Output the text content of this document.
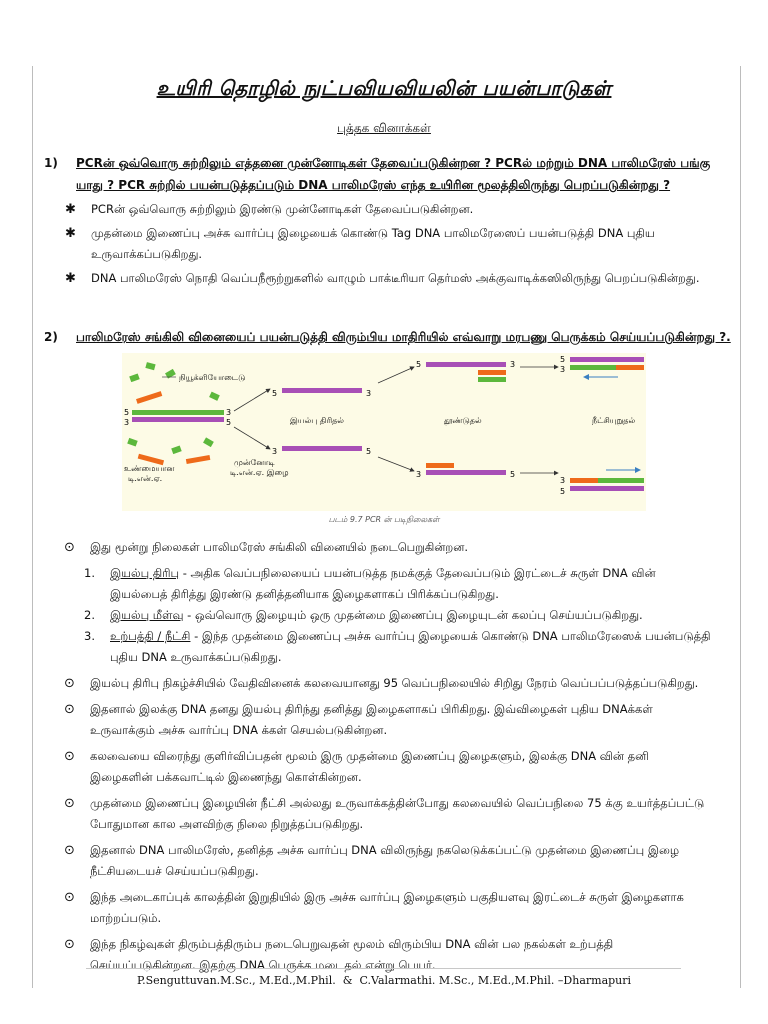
உயிரி தொழில் நுட்பவியவியலின் பயன்பாடுகள்
புத்தக வினாக்கள்
1)	PCRன் ஒவ்வொரு சுற்றிலும் எத்தனை முன்னோடிகள் தேவைப்படுகின்றன ? PCRல் மற்றும் DNA பாலிமரேஸ் பங்கு யாது ? PCR சுற்றில் பயன்படுத்தப்படும் DNA பாலிமரேஸ் எந்த உயிரின மூலத்திலிருந்து பெறப்படுகின்றது ?
✱ PCRன் ஒவ்வொரு சுற்றிலும் இரண்டு முன்னோடிகள் தேவைப்படுகின்றன.
✱ முதன்மை இணைப்பு அச்சு வார்ப்பு இழையைக் கொண்டு Tag DNA பாலிமரேஸைப் பயன்படுத்தி DNA புதிய உருவாக்கப்படுகிறது.
✱ DNA பாலிமரேஸ் நொதி வெப்பநீரூற்றுகளில் வாழும் பாக்டீரியா தெர்மஸ் அக்குவாடிக்கஸிலிருந்து பெறப்படுகின்றது.
2)	பாலிமரேஸ் சங்கிலி வினையைப் பயன்படுத்தி விரும்பிய மாதிரியில் எவ்வாறு மரபணு பெருக்கம் செய்யப்படுகின்றது ?.
நியூக்ளியோடைடு
5
3
3
5
உண்மையான
டி.என்.ஏ.
முன்னோடி
டி.என்.ஏ. இழை
5	3
இயல்பு திரிதல்
3	5
5	3
தூண்டுதல்
3	5
5
3
நீட்சியுறுதல்
3
5
படம் 9.7 PCR ன் படிநிலைகள்
⊙ இது மூன்று நிலைகள் பாலிமரேஸ் சங்கிலி வினையில் நடைபெறுகின்றன.
1. இயல்பு திரிபு - அதிக வெப்பநிலையைப் பயன்படுத்த நமக்குத் தேவைப்படும் இரட்டைச் சுருள் DNA வின் இயல்பைத் திரித்து இரண்டு தனித்தனியாக இழைகளாகப் பிரிக்கப்படுகிறது.
2. இயல்பு மீள்வு - ஒவ்வொரு இழையும் ஒரு முதன்மை இணைப்பு இழையுடன் கலப்பு செய்யப்படுகிறது.
3. உற்பத்தி / நீட்சி - இந்த முதன்மை இணைப்பு அச்சு வார்ப்பு இழையைக் கொண்டு DNA பாலிமரேஸைக் பயன்படுத்தி புதிய DNA உருவாக்கப்படுகிறது.
⊙ இயல்பு திரிபு நிகழ்ச்சியில் வேதிவினைக் கலவையானது 95 வெப்பநிலையில் சிறிது நேரம் வெப்பப்படுத்தப்படுகிறது.
⊙ இதனால் இலக்கு DNA தனது இயல்பு திரிந்து தனித்து இழைகளாகப் பிரிகிறது. இவ்விழைகள் புதிய DNAக்கள் உருவாக்கும் அச்சு வார்ப்பு DNA க்கள் செயல்படுகின்றன.
⊙ கலவையை விரைந்து குளிர்விப்பதன் மூலம் இரு முதன்மை இணைப்பு இழைகளும், இலக்கு DNA வின் தனி இழைகளின் பக்கவாட்டில் இணைந்து கொள்கின்றன.
⊙ முதன்மை இணைப்பு இழையின் நீட்சி அல்லது உருவாக்கத்தின்போது கலவையில் வெப்பநிலை 75 க்கு உயர்த்தப்பட்டு போதுமான கால அளவிற்கு நிலை நிறுத்தப்படுகிறது.
⊙ இதனால் DNA பாலிமரேஸ், தனித்த அச்சு வார்ப்பு DNA விலிருந்து நகலெடுக்கப்பட்டு முதன்மை இணைப்பு இழை நீட்சியடையச் செய்யப்படுகிறது.
⊙ இந்த அடைகாப்புக் காலத்தின் இறுதியில் இரு அச்சு வார்ப்பு இழைகளும் பகுதியளவு இரட்டைச் சுருள் இழைகளாக மாற்றப்படும்.
⊙ இந்த நிகழ்வுகள் திரும்பத்திரும்ப நடைபெறுவதன் மூலம் விரும்பிய DNA வின் பல நகல்கள் உற்பத்தி செய்யப்படுகின்றன. இதற்கு DNA பெருக்க மடைதல் என்று பெயர்.
P.Senguttuvan.M.Sc., M.Ed.,M.Phil. & C.Valarmathi. M.Sc., M.Ed.,M.Phil. –Dharmapuri
